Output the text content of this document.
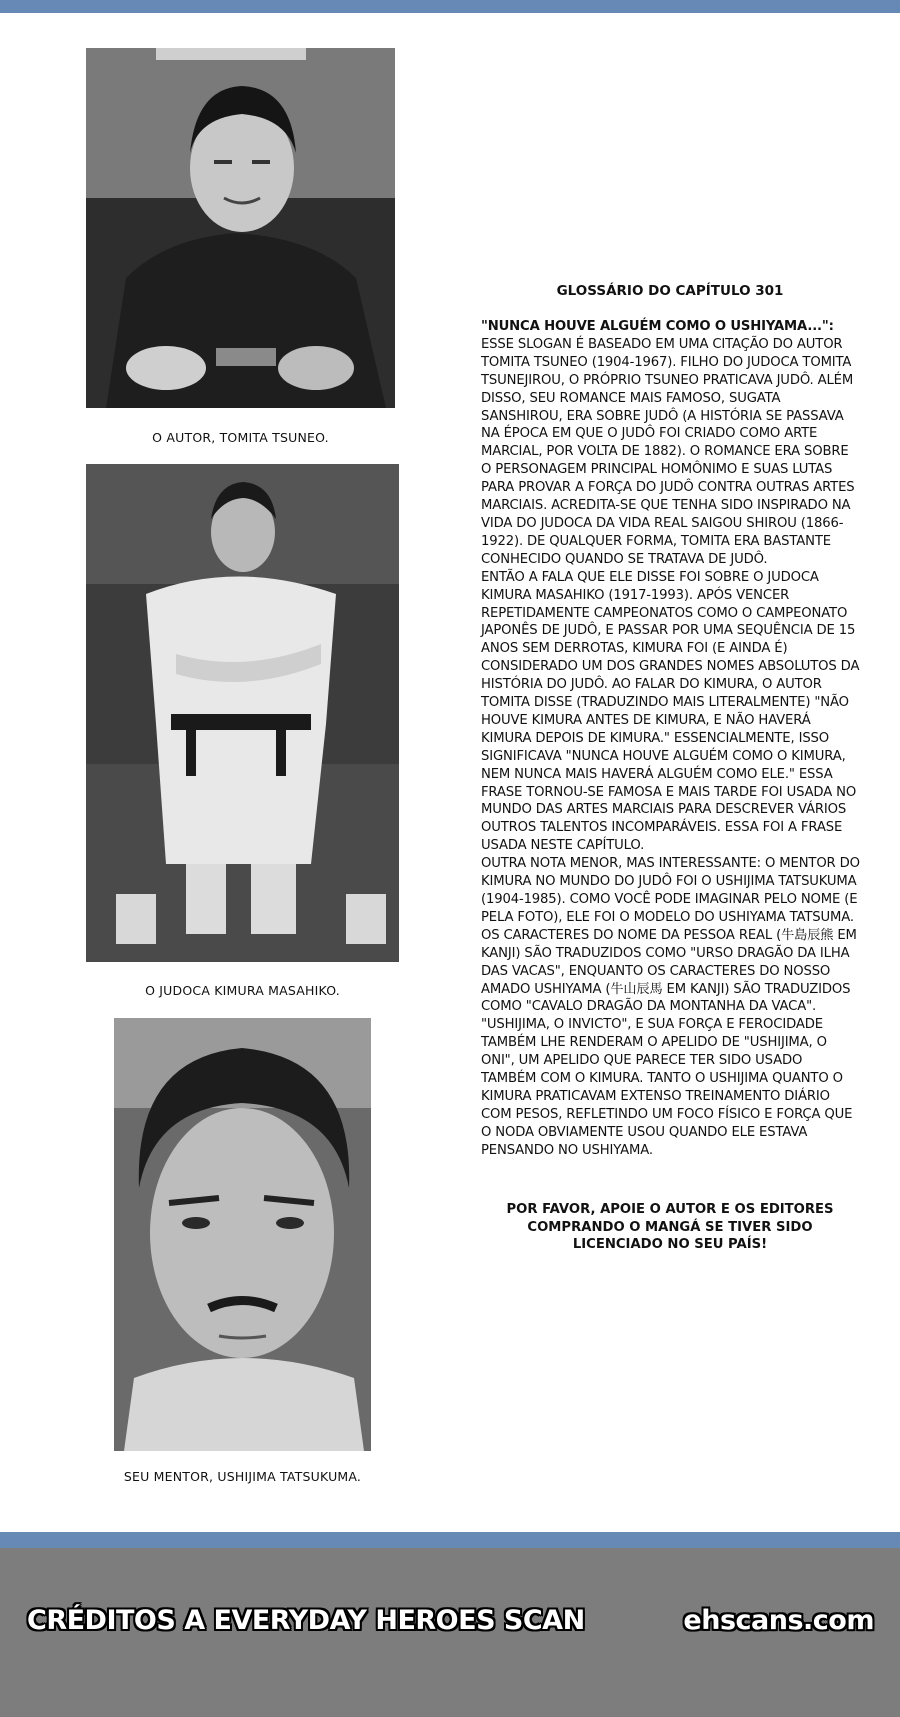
O AUTOR, TOMITA TSUNEO.
O JUDOCA KIMURA MASAHIKO.
SEU MENTOR, USHIJIMA TATSUKUMA.
GLOSSÁRIO DO CAPÍTULO 301

"NUNCA HOUVE ALGUÉM COMO O USHIYAMA...":

ESSE SLOGAN É BASEADO EM UMA CITAÇÃO DO AUTOR TOMITA TSUNEO (1904-1967). FILHO DO JUDOCA TOMITA TSUNEJIROU, O PRÓPRIO TSUNEO PRATICAVA JUDÔ. ALÉM DISSO, SEU ROMANCE MAIS FAMOSO, SUGATA SANSHIROU, ERA SOBRE JUDÔ (A HISTÓRIA SE PASSAVA NA ÉPOCA EM QUE O JUDÔ FOI CRIADO COMO ARTE MARCIAL, POR VOLTA DE 1882). O ROMANCE ERA SOBRE O PERSONAGEM PRINCIPAL HOMÔNIMO E SUAS LUTAS PARA PROVAR A FORÇA DO JUDÔ CONTRA OUTRAS ARTES MARCIAIS. ACREDITA-SE QUE TENHA SIDO INSPIRADO NA VIDA DO JUDOCA DA VIDA REAL SAIGOU SHIROU (1866-1922). DE QUALQUER FORMA, TOMITA ERA BASTANTE CONHECIDO QUANDO SE TRATAVA DE JUDÔ.

ENTÃO A FALA QUE ELE DISSE FOI SOBRE O JUDOCA KIMURA MASAHIKO (1917-1993). APÓS VENCER REPETIDAMENTE CAMPEONATOS COMO O CAMPEONATO JAPONÊS DE JUDÔ, E PASSAR POR UMA SEQUÊNCIA DE 15 ANOS SEM DERROTAS, KIMURA FOI (E AINDA É) CONSIDERADO UM DOS GRANDES NOMES ABSOLUTOS DA HISTÓRIA DO JUDÔ. AO FALAR DO KIMURA, O AUTOR TOMITA DISSE (TRADUZINDO MAIS LITERALMENTE) "NÃO HOUVE KIMURA ANTES DE KIMURA, E NÃO HAVERÁ KIMURA DEPOIS DE KIMURA." ESSENCIALMENTE, ISSO SIGNIFICAVA "NUNCA HOUVE ALGUÉM COMO O KIMURA, NEM NUNCA MAIS HAVERÁ ALGUÉM COMO ELE." ESSA FRASE TORNOU-SE FAMOSA E MAIS TARDE FOI USADA NO MUNDO DAS ARTES MARCIAIS PARA DESCREVER VÁRIOS OUTROS TALENTOS INCOMPARÁVEIS. ESSA FOI A FRASE USADA NESTE CAPÍTULO.

OUTRA NOTA MENOR, MAS INTERESSANTE: O MENTOR DO KIMURA NO MUNDO DO JUDÔ FOI O USHIJIMA TATSUKUMA (1904-1985). COMO VOCÊ PODE IMAGINAR PELO NOME (E PELA FOTO), ELE FOI O MODELO DO USHIYAMA TATSUMA. OS CARACTERES DO NOME DA PESSOA REAL (牛島辰熊 EM KANJI) SÃO TRADUZIDOS COMO "URSO DRAGÃO DA ILHA DAS VACAS", ENQUANTO OS CARACTERES DO NOSSO AMADO USHIYAMA (牛山辰馬 EM KANJI) SÃO TRADUZIDOS COMO "CAVALO DRAGÃO DA MONTANHA DA VACA". "USHIJIMA, O INVICTO", E SUA FORÇA E FEROCIDADE TAMBÉM LHE RENDERAM O APELIDO DE "USHIJIMA, O ONI", UM APELIDO QUE PARECE TER SIDO USADO TAMBÉM COM O KIMURA. TANTO O USHIJIMA QUANTO O KIMURA PRATICAVAM EXTENSO TREINAMENTO DIÁRIO COM PESOS, REFLETINDO UM FOCO FÍSICO E FORÇA QUE O NODA OBVIAMENTE USOU QUANDO ELE ESTAVA PENSANDO NO USHIYAMA.

POR FAVOR, APOIE O AUTOR E OS EDITORES COMPRANDO O MANGÁ SE TIVER SIDO LICENCIADO NO SEU PAÍS!
CRÉDITOS A EVERYDAY HEROES SCAN	ehscans.com
